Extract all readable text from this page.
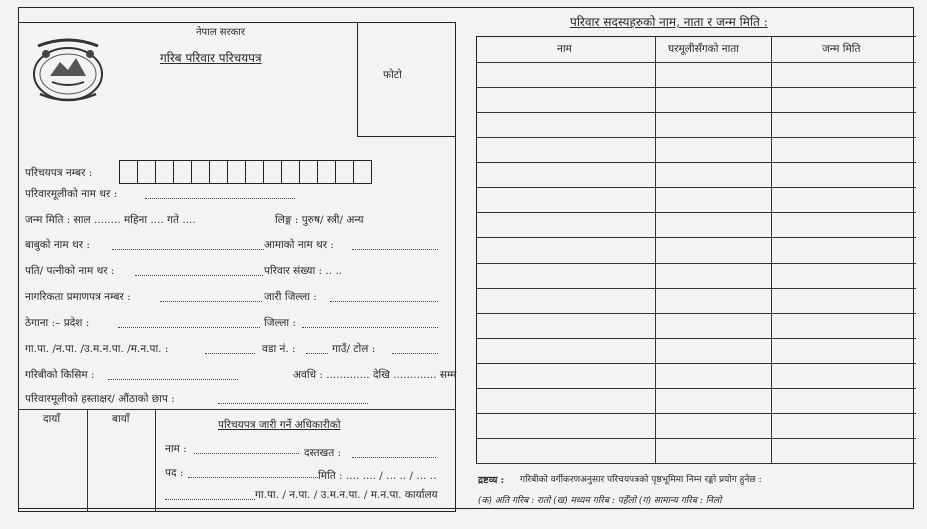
नेपाल सरकार
गरिब परिवार परिचयपत्र
फोटो
परिचयपत्र नम्बर :
परिवारमूलीको नाम थर :
जन्म मिति : साल ........ महिना .... गते ....	लिङ्ग : पुरुष/ स्त्री/ अन्य
बाबुको नाम थर :	आमाको नाम थर :
पति/ पत्नीको नाम थर :	परिवार संख्या : .. ..
नागरिकता प्रमाणपत्र नम्बर :	जारी जिल्ला :
ठेगाना :– प्रदेश :	जिल्ला :
गा.पा. /न.पा. /उ.म.न.पा. /म.न.पा. :	वडा नं. :	गाउँ/ टोल :
गरिबीको किसिम :	अवधि : ............. देखि ............. सम्म
परिवारमूलीको हस्ताक्षर/ औंठाको छाप :
दायाँ	बायाँ	परिचयपत्र जारी गर्ने अधिकारीको
नाम :	दस्तखत :
पद :	मिति : .... .... / ... .. / ... ..
गा.पा. / न.पा. / उ.म.न.पा. / म.न.पा. कार्यालय
परिवार सदस्यहरुको नाम, नाता र जन्म मिति :
नाम	घरमूलीसँगको नाता	जन्म मिति
द्रष्टव्य : गरिबीको वर्गीकरणअनुसार परिचयपत्रको पृष्ठभूमिमा निम्न रङ्को प्रयोग हुनेछ :
(क) अति गरिब : रातो (ख) मध्यम गरिब : पहेँलो (ग) सामान्य गरिब : निलो
